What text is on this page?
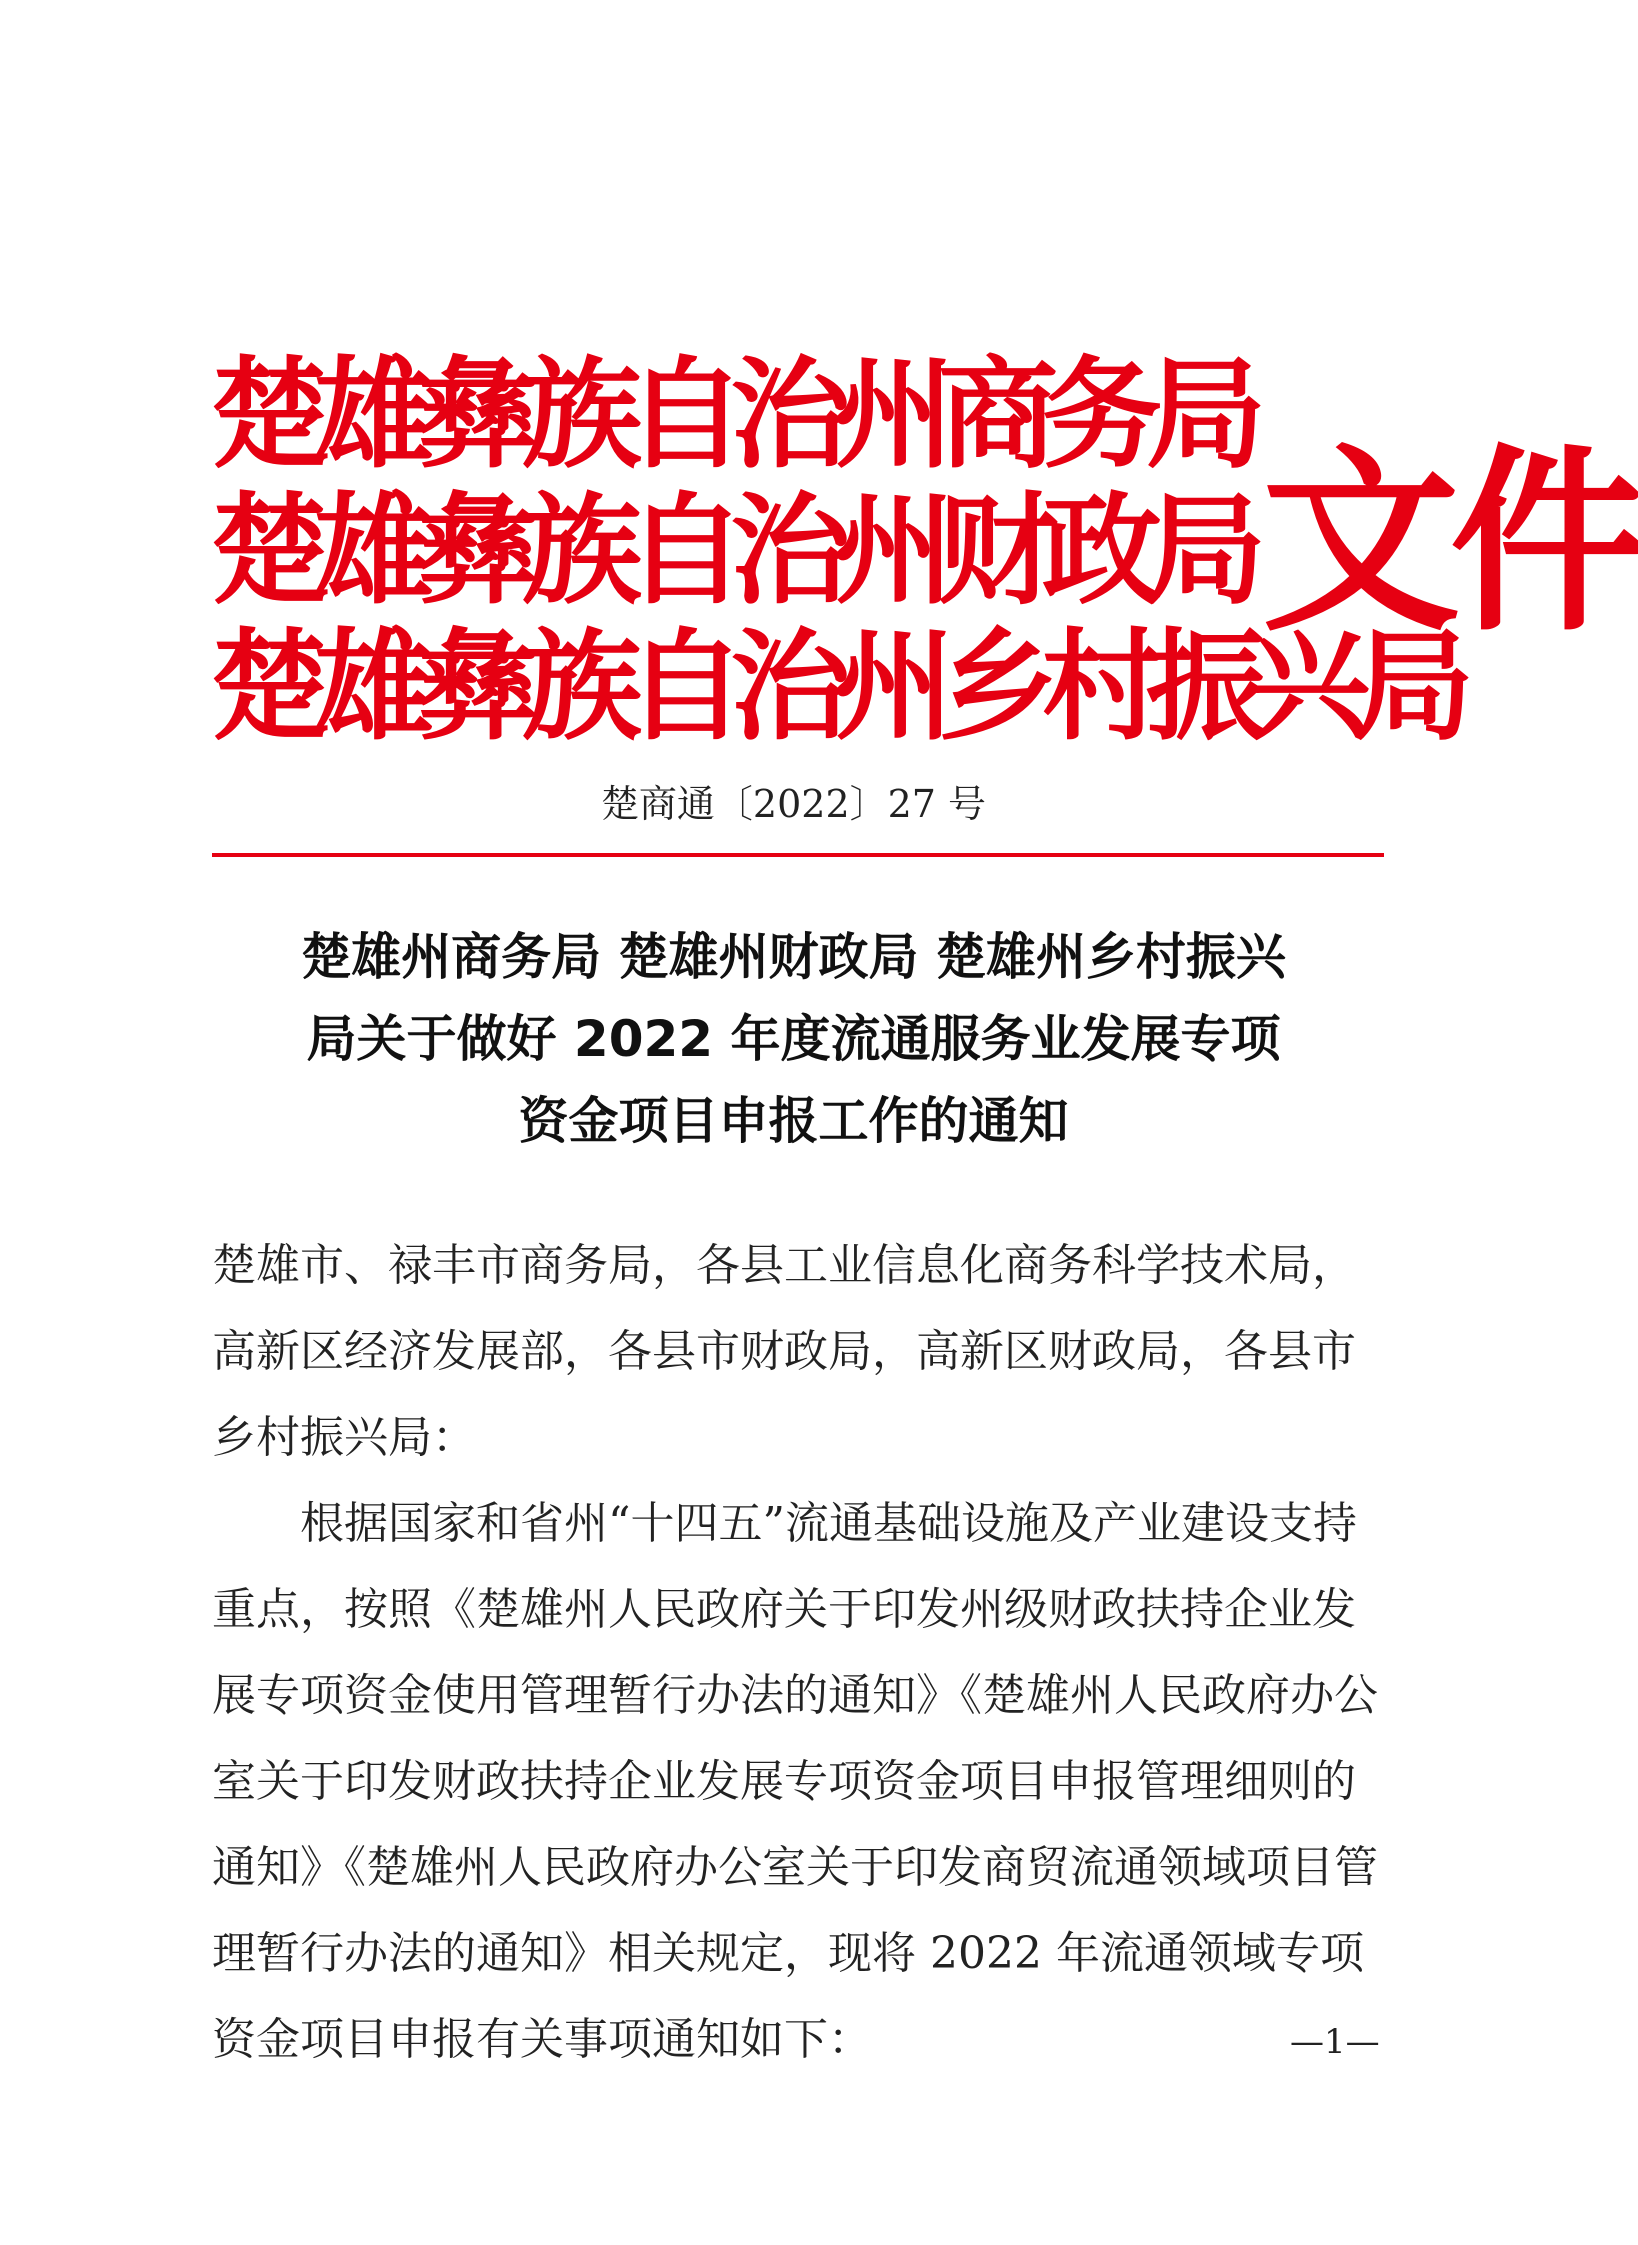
楚雄彝族自治州商务局
楚雄彝族自治州财政局
楚雄彝族自治州乡村振兴局
文件
楚商通〔2022〕27 号
楚雄州商务局 楚雄州财政局 楚雄州乡村振兴
局关于做好 2022 年度流通服务业发展专项
资金项目申报工作的通知

楚雄市、禄丰市商务局，各县工业信息化商务科学技术局，高新区经济发展部，各县市财政局，高新区财政局，各县市乡村振兴局：

根据国家和省州“十四五”流通基础设施及产业建设支持重点，按照《楚雄州人民政府关于印发州级财政扶持企业发展专项资金使用管理暂行办法的通知》《楚雄州人民政府办公室关于印发财政扶持企业发展专项资金项目申报管理细则的通知》《楚雄州人民政府办公室关于印发商贸流通领域项目管理暂行办法的通知》相关规定，现将 2022 年流通领域专项资金项目申报有关事项通知如下：	—1—
